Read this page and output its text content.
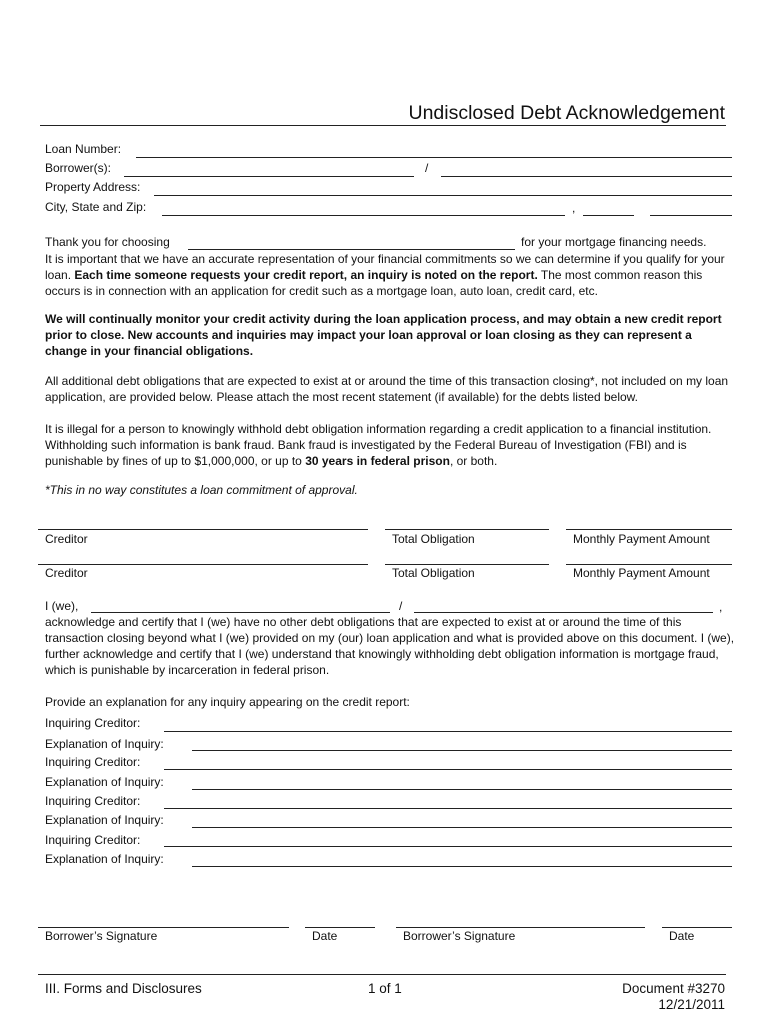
Undisclosed Debt Acknowledgement
Loan Number:
Borrower(s):	/
Property Address:
City, State and Zip:	,
Thank you for choosing	for your mortgage financing needs.
It is important that we have an accurate representation of your financial commitments so we can determine if you qualify for your loan. Each time someone requests your credit report, an inquiry is noted on the report. The most common reason this occurs is in connection with an application for credit such as a mortgage loan, auto loan, credit card, etc.
We will continually monitor your credit activity during the loan application process, and may obtain a new credit report prior to close. New accounts and inquiries may impact your loan approval or loan closing as they can represent a change in your financial obligations.
All additional debt obligations that are expected to exist at or around the time of this transaction closing*, not included on my loan application, are provided below. Please attach the most recent statement (if available) for the debts listed below.
It is illegal for a person to knowingly withhold debt obligation information regarding a credit application to a financial institution. Withholding such information is bank fraud. Bank fraud is investigated by the Federal Bureau of Investigation (FBI) and is punishable by fines of up to $1,000,000, or up to 30 years in federal prison, or both.
*This in no way constitutes a loan commitment of approval.
Creditor	Total Obligation	Monthly Payment Amount
Creditor	Total Obligation	Monthly Payment Amount
I (we),	/	,
acknowledge and certify that I (we) have no other debt obligations that are expected to exist at or around the time of this transaction closing beyond what I (we) provided on my (our) loan application and what is provided above on this document. I (we), further acknowledge and certify that I (we) understand that knowingly withholding debt obligation information is mortgage fraud, which is punishable by incarceration in federal prison.
Provide an explanation for any inquiry appearing on the credit report:
Inquiring Creditor:
Explanation of Inquiry:
Inquiring Creditor:
Explanation of Inquiry:
Inquiring Creditor:
Explanation of Inquiry:
Inquiring Creditor:
Explanation of Inquiry:
Borrower’s Signature	Date	Borrower’s Signature	Date
III. Forms and Disclosures	1 of 1	Document #3270
12/21/2011
